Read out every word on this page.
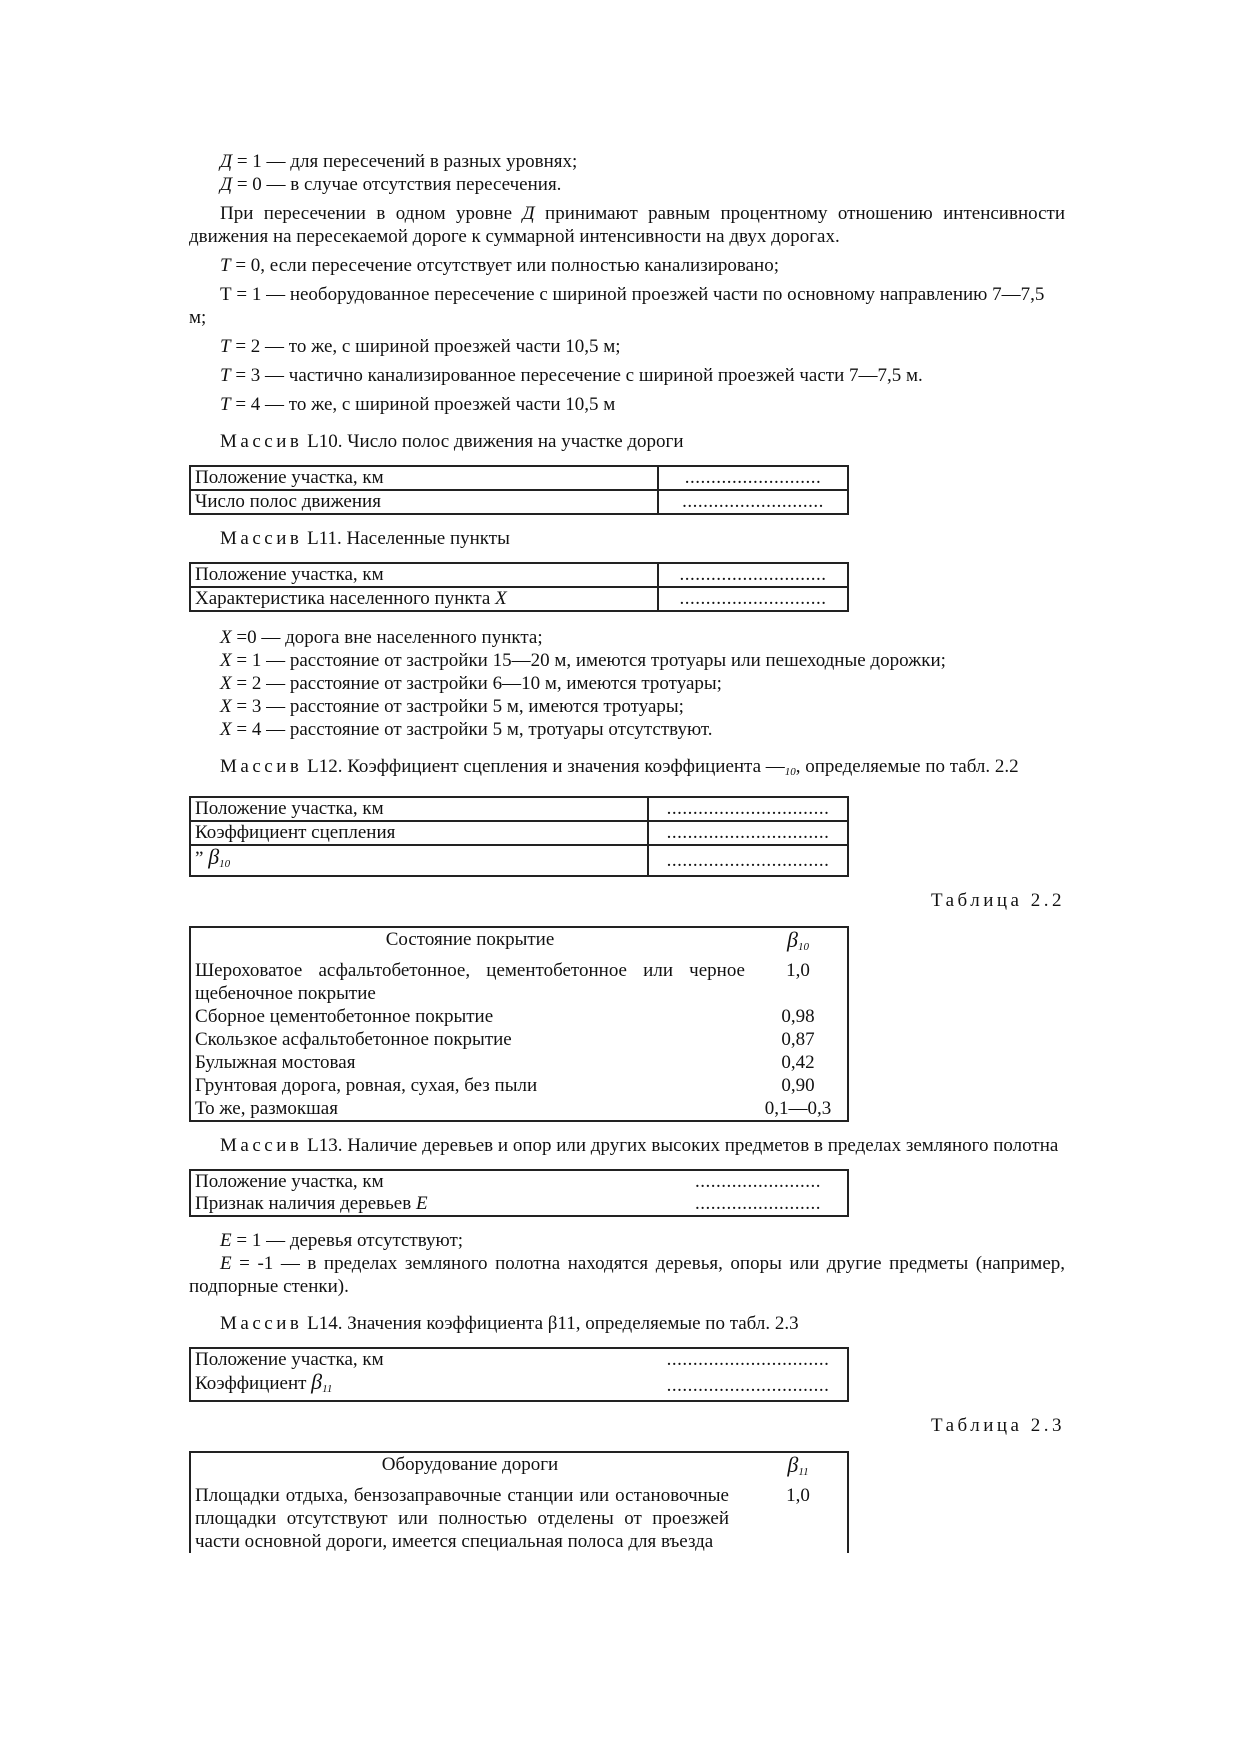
Д = 1 — для пересечений в разных уровнях;

Д = 0 — в случае отсутствия пересечения.

При пересечении в одном уровне Д принимают равным процентному отношению интенсивности движения на пересекаемой дороге к суммарной интенсивности на двух дорогах.

Т = 0, если пересечение отсутствует или полностью канализировано;

Т = 1 — необорудованное пересечение с шириной проезжей части по основному направлению 7—7,5 м;

Т = 2 — то же, с шириной проезжей части 10,5 м;

Т = 3 — частично канализированное пересечение с шириной проезжей части 7—7,5 м.

Т = 4 — то же, с шириной проезжей части 10,5 м

Массив L10. Число полос движения на участке дороги

Положение участка, км	..........................
Число полос движения	...........................

Массив L11. Населенные пункты

Положение участка, км	............................
Характеристика населенного пункта X	............................

X =0 — дорога вне населенного пункта;

X = 1 — расстояние от застройки 15—20 м, имеются тротуары или пешеходные дорожки;

X = 2 — расстояние от застройки 6—10 м, имеются тротуары;

X = 3 — расстояние от застройки 5 м, имеются тротуары;

X = 4 — расстояние от застройки 5 м, тротуары отсутствуют.

Массив L12. Коэффициент сцепления и значения коэффициента $—_{10}$, определяемые по табл. 2.2

Положение участка, км	...............................
Коэффициент сцепления	...............................
” $\beta_{10}$	...............................

Таблица 2.2

Состояние покрытие	$\beta_{10}$
Шероховатое асфальтобетонное, цементобетонное или черное щебеночное покрытие	1,0
Сборное цементобетонное покрытие	0,98
Скользкое асфальтобетонное покрытие	0,87
Булыжная мостовая	0,42
Грунтовая дорога, ровная, сухая, без пыли	0,90
То же, размокшая	0,1—0,3

Массив L13. Наличие деревьев и опор или других высоких предметов в пределах земляного полотна

Положение участка, км	........................
Признак наличия деревьев E	........................

E = 1 — деревья отсутствуют;

E = -1 — в пределах земляного полотна находятся деревья, опоры или другие предметы (например, подпорные стенки).

Массив L14. Значения коэффициента β11, определяемые по табл. 2.3

Положение участка, км	...............................
Коэффициент $\beta_{11}$	...............................

Таблица 2.3

Оборудование дороги	$\beta_{11}$
Площадки отдыха, бензозаправочные станции или остановочные площадки отсутствуют или полностью отделены от проезжей части основной дороги, имеется специальная полоса для въезда	1,0
